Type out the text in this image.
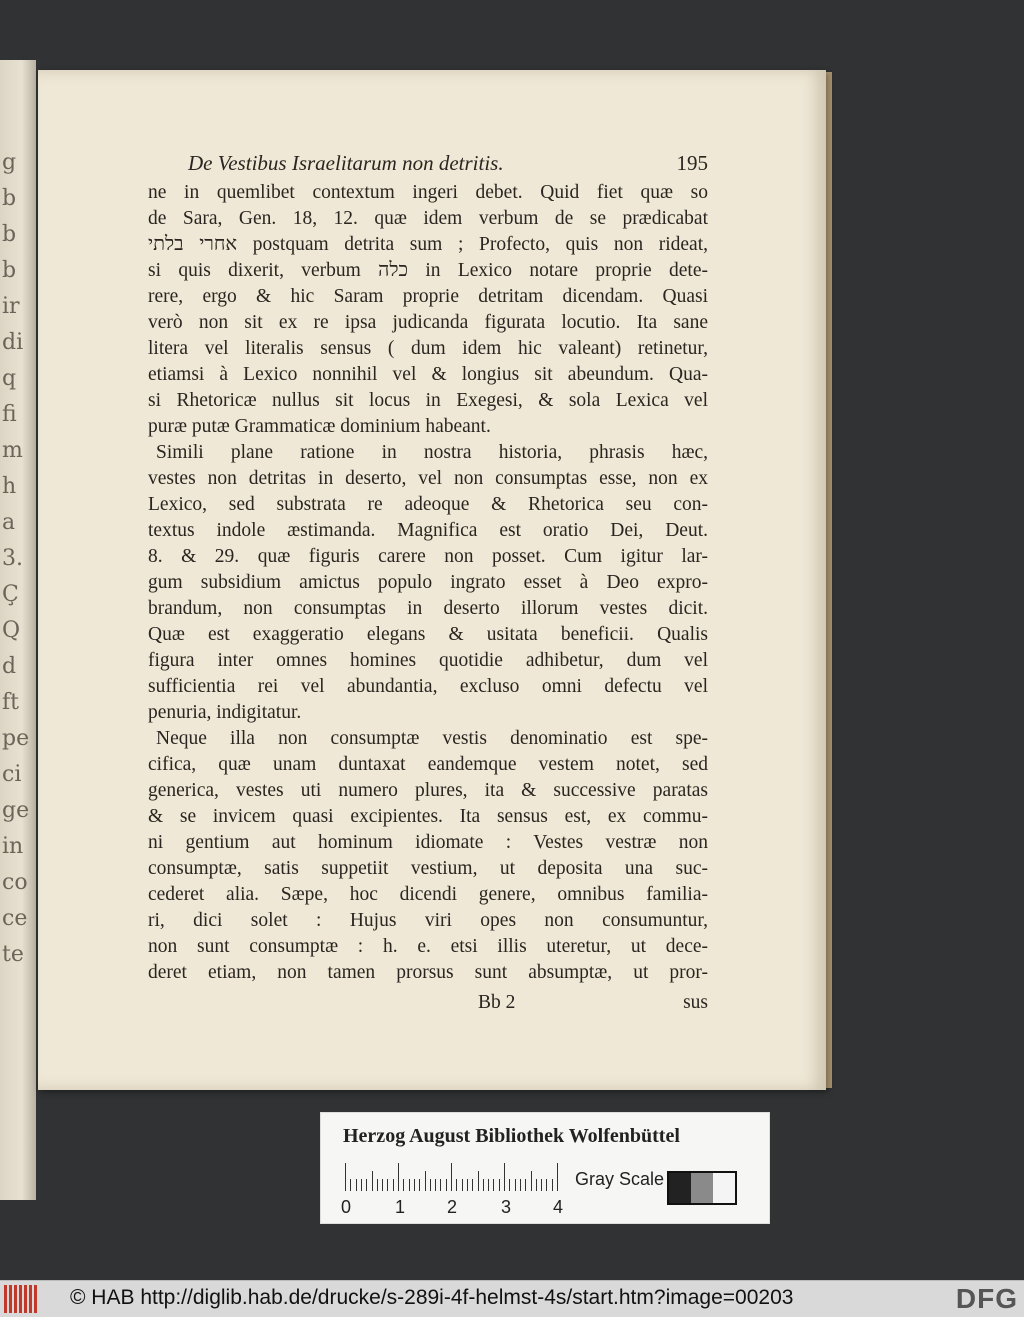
g
b
b
b
ir
di
q
fi
m
h
a
3.
Ç
Q
d
ft
pe
ci
ge
in
co
ce
te
De Vestibus Israelitarum non detritis.	195
ne in quemlibet contextum ingeri debet. Quid fiet quæ so
de Sara, Gen. 18, 12. quæ idem verbum de se prædicabat
אחרי בלתי postquam detrita sum ; Profecto, quis non rideat,
si quis dixerit, verbum כלה in Lexico notare proprie dete-
rere, ergo & hic Saram proprie detritam dicendam. Quasi
verò non sit ex re ipsa judicanda figurata locutio. Ita sane
litera vel literalis sensus ( dum idem hic valeant) retinetur,
etiamsi à Lexico nonnihil vel & longius sit abeundum. Qua-
si Rhetoricæ nullus sit locus in Exegesi, & sola Lexica vel
puræ putæ Grammaticæ dominium habeant.
Simili plane ratione in nostra historia, phrasis hæc,
vestes non detritas in deserto, vel non consumptas esse, non ex
Lexico, sed substrata re adeoque & Rhetorica seu con-
textus indole æstimanda. Magnifica est oratio Dei, Deut.
8. & 29. quæ figuris carere non posset. Cum igitur lar-
gum subsidium amictus populo ingrato esset à Deo expro-
brandum, non consumptas in deserto illorum vestes dicit.
Quæ est exaggeratio elegans & usitata beneficii. Qualis
figura inter omnes homines quotidie adhibetur, dum vel
sufficientia rei vel abundantia, excluso omni defectu vel
penuria, indigitatur.
Neque illa non consumptæ vestis denominatio est spe-
cifica, quæ unam duntaxat eandemque vestem notet, sed
generica, vestes uti numero plures, ita & successive paratas
& se invicem quasi excipientes. Ita sensus est, ex commu-
ni gentium aut hominum idiomate : Vestes vestræ non
consumptæ, satis suppetiit vestium, ut deposita una suc-
cederet alia. Sæpe, hoc dicendi genere, omnibus familia-
ri, dici solet : Hujus viri opes non consumuntur,
non sunt consumptæ : h. e. etsi illis uteretur, ut dece-
deret etiam, non tamen prorsus sunt absumptæ, ut pror-
Bb 2	sus
Herzog August Bibliothek Wolfenbüttel
0 1 2 3 4
Gray Scale
© HAB http://diglib.hab.de/drucke/s-289i-4f-helmst-4s/start.htm?image=00203	DFG
